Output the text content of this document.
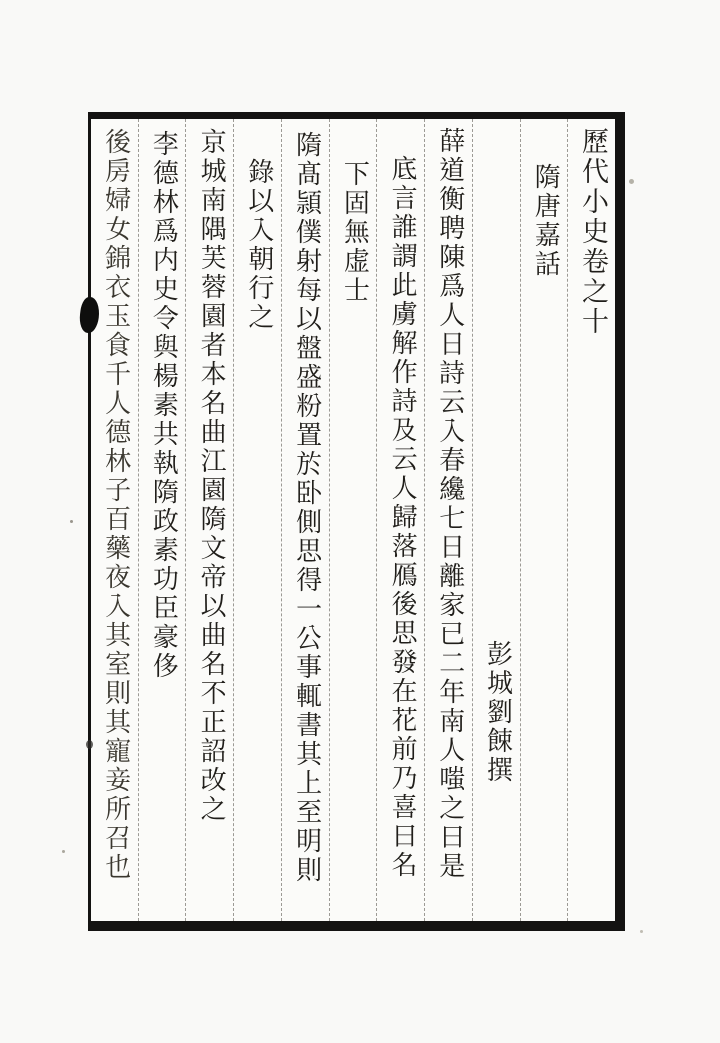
歷代小史卷之十
隋唐嘉話
彭城劉餗撰
薛道衡聘陳爲人日詩云入春纔七日離家已二年南人嗤之曰是
底言誰謂此虜解作詩及云人歸落鴈後思發在花前乃喜曰名
下固無虚士
隋髙頴僕射每以盤盛粉置於卧側思得一公事輒書其上至明則
錄以入朝行之
京城南隅芙蓉園者本名曲江園隋文帝以曲名不正詔改之
李德林爲内史令與楊素共執隋政素功臣豪侈
後房婦女錦衣玉食千人德林子百藥夜入其室則其寵妾所召也
